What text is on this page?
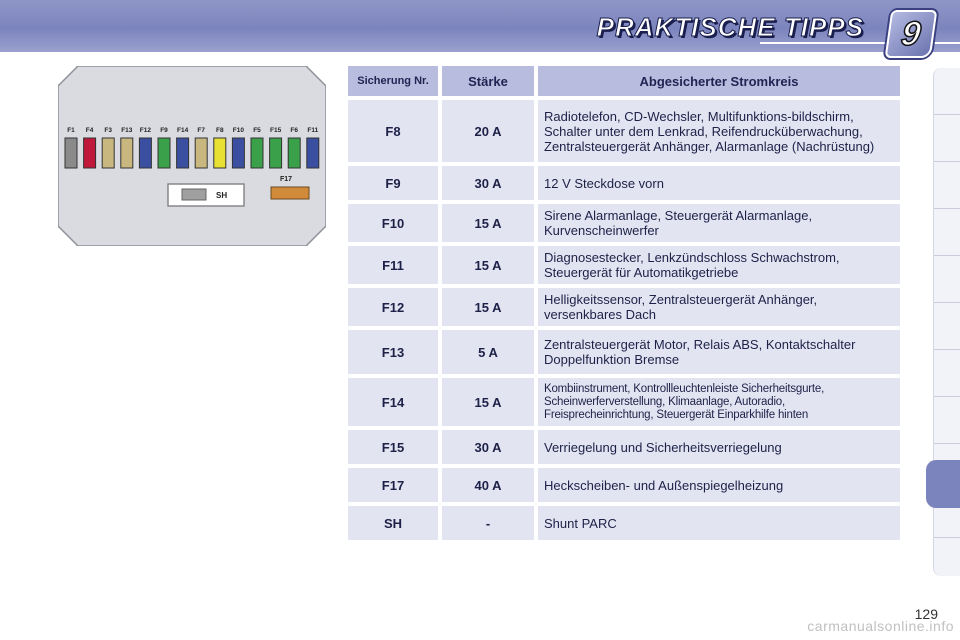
PRAKTISCHE TIPPS 9
F1 F4 F3 F13 F12 F9 F14 F7 F8 F10 F5 F15 F6 F11
SH
F17
Sicherung Nr.	Stärke	Abgesicherter Stromkreis
F8	20 A	Radiotelefon, CD-Wechsler, Multifunktions-bildschirm, Schalter unter dem Lenkrad, Reifendrucküberwachung, Zentralsteuergerät Anhänger, Alarmanlage (Nachrüstung)
F9	30 A	12 V Steckdose vorn
F10	15 A	Sirene Alarmanlage, Steuergerät Alarmanlage, Kurvenscheinwerfer
F11	15 A	Diagnosestecker, Lenkzündschloss Schwachstrom, Steuergerät für Automatikgetriebe
F12	15 A	Helligkeitssensor, Zentralsteuergerät Anhänger, versenkbares Dach
F13	5 A	Zentralsteuergerät Motor, Relais ABS, Kontaktschalter Doppelfunktion Bremse
F14	15 A	Kombiinstrument, Kontrollleuchtenleiste Sicherheitsgurte, Scheinwerferverstellung, Klimaanlage, Autoradio, Freisprecheinrichtung, Steuergerät Einparkhilfe hinten
F15	30 A	Verriegelung und Sicherheitsverriegelung
F17	40 A	Heckscheiben- und Außenspiegelheizung
SH	-	Shunt PARC
129
carmanualsonline.info
